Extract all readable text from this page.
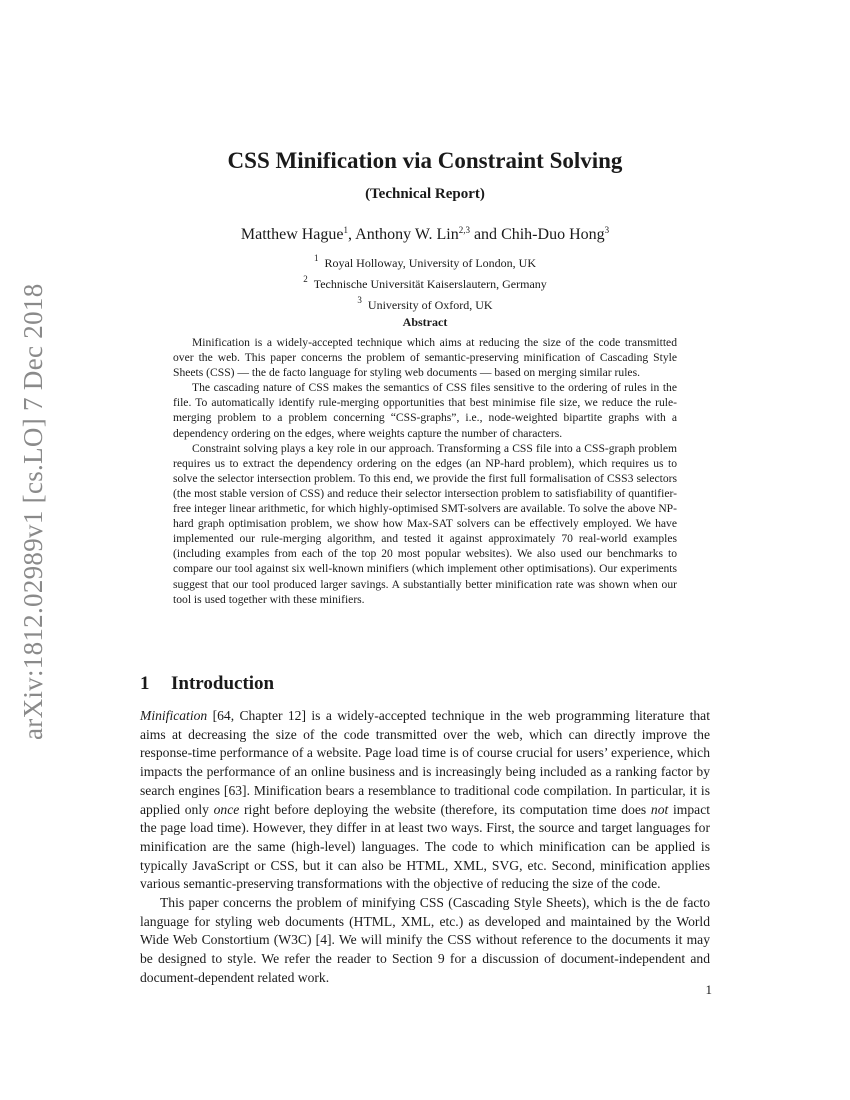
arXiv:1812.02989v1 [cs.LO] 7 Dec 2018
CSS Minification via Constraint Solving
(Technical Report)
Matthew Hague$^1$, Anthony W. Lin$^{2,3}$ and Chih-Duo Hong$^3$
$^1$ Royal Holloway, University of London, UK
$^2$ Technische Universität Kaiserslautern, Germany
$^3$ University of Oxford, UK
Abstract

Minification is a widely-accepted technique which aims at reducing the size of the code transmitted over the web. This paper concerns the problem of semantic-preserving minification of Cascading Style Sheets (CSS) — the de facto language for styling web documents — based on merging similar rules.

The cascading nature of CSS makes the semantics of CSS files sensitive to the ordering of rules in the file. To automatically identify rule-merging opportunities that best minimise file size, we reduce the rule-merging problem to a problem concerning “CSS-graphs”, i.e., node-weighted bipartite graphs with a dependency ordering on the edges, where weights capture the number of characters.

Constraint solving plays a key role in our approach. Transforming a CSS file into a CSS-graph problem requires us to extract the dependency ordering on the edges (an NP-hard problem), which requires us to solve the selector intersection problem. To this end, we provide the first full formalisation of CSS3 selectors (the most stable version of CSS) and reduce their selector intersection problem to satisfiability of quantifier-free integer linear arithmetic, for which highly-optimised SMT-solvers are available. To solve the above NP-hard graph optimisation problem, we show how Max-SAT solvers can be effectively employed. We have implemented our rule-merging algorithm, and tested it against approximately 70 real-world examples (including examples from each of the top 20 most popular websites). We also used our benchmarks to compare our tool against six well-known minifiers (which implement other optimisations). Our experiments suggest that our tool produced larger savings. A substantially better minification rate was shown when our tool is used together with these minifiers.

1 Introduction

Minification [64, Chapter 12] is a widely-accepted technique in the web programming literature that aims at decreasing the size of the code transmitted over the web, which can directly improve the response-time performance of a website. Page load time is of course crucial for users’ experience, which impacts the performance of an online business and is increasingly being included as a ranking factor by search engines [63]. Minification bears a resemblance to traditional code compilation. In particular, it is applied only once right before deploying the website (therefore, its computation time does not impact the page load time). However, they differ in at least two ways. First, the source and target languages for minification are the same (high-level) languages. The code to which minification can be applied is typically JavaScript or CSS, but it can also be HTML, XML, SVG, etc. Second, minification applies various semantic-preserving transformations with the objective of reducing the size of the code.

This paper concerns the problem of minifying CSS (Cascading Style Sheets), which is the de facto language for styling web documents (HTML, XML, etc.) as developed and maintained by the World Wide Web Constortium (W3C) [4]. We will minify the CSS without reference to the documents it may be designed to style. We refer the reader to Section 9 for a discussion of document-independent and document-dependent related work.

1
